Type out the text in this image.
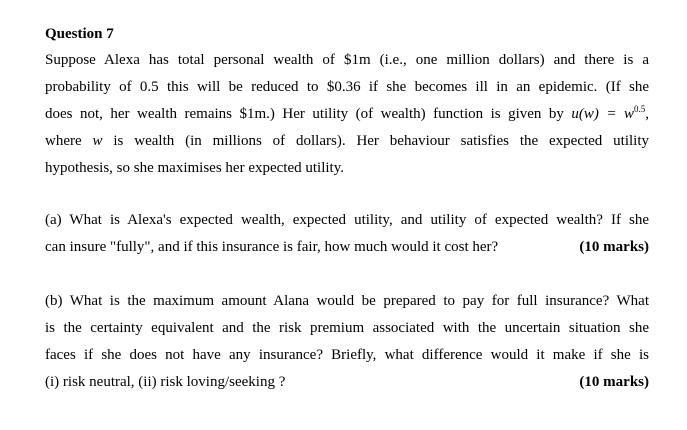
Question 7
Suppose Alexa has total personal wealth of $1m (i.e., one million dollars) and there is a
probability of 0.5 this will be reduced to $0.36 if she becomes ill in an epidemic. (If she
does not, her wealth remains $1m.) Her utility (of wealth) function is given by $u(w) = w^{0.5}$,
where w is wealth (in millions of dollars). Her behaviour satisfies the expected utility
hypothesis, so she maximises her expected utility.
(a) What is Alexa's expected wealth, expected utility, and utility of expected wealth? If she
can insure "fully", and if this insurance is fair, how much would it cost her?	(10 marks)
(b) What is the maximum amount Alana would be prepared to pay for full insurance? What
is the certainty equivalent and the risk premium associated with the uncertain situation she
faces if she does not have any insurance? Briefly, what difference would it make if she is
(i) risk neutral, (ii) risk loving/seeking ?	(10 marks)
